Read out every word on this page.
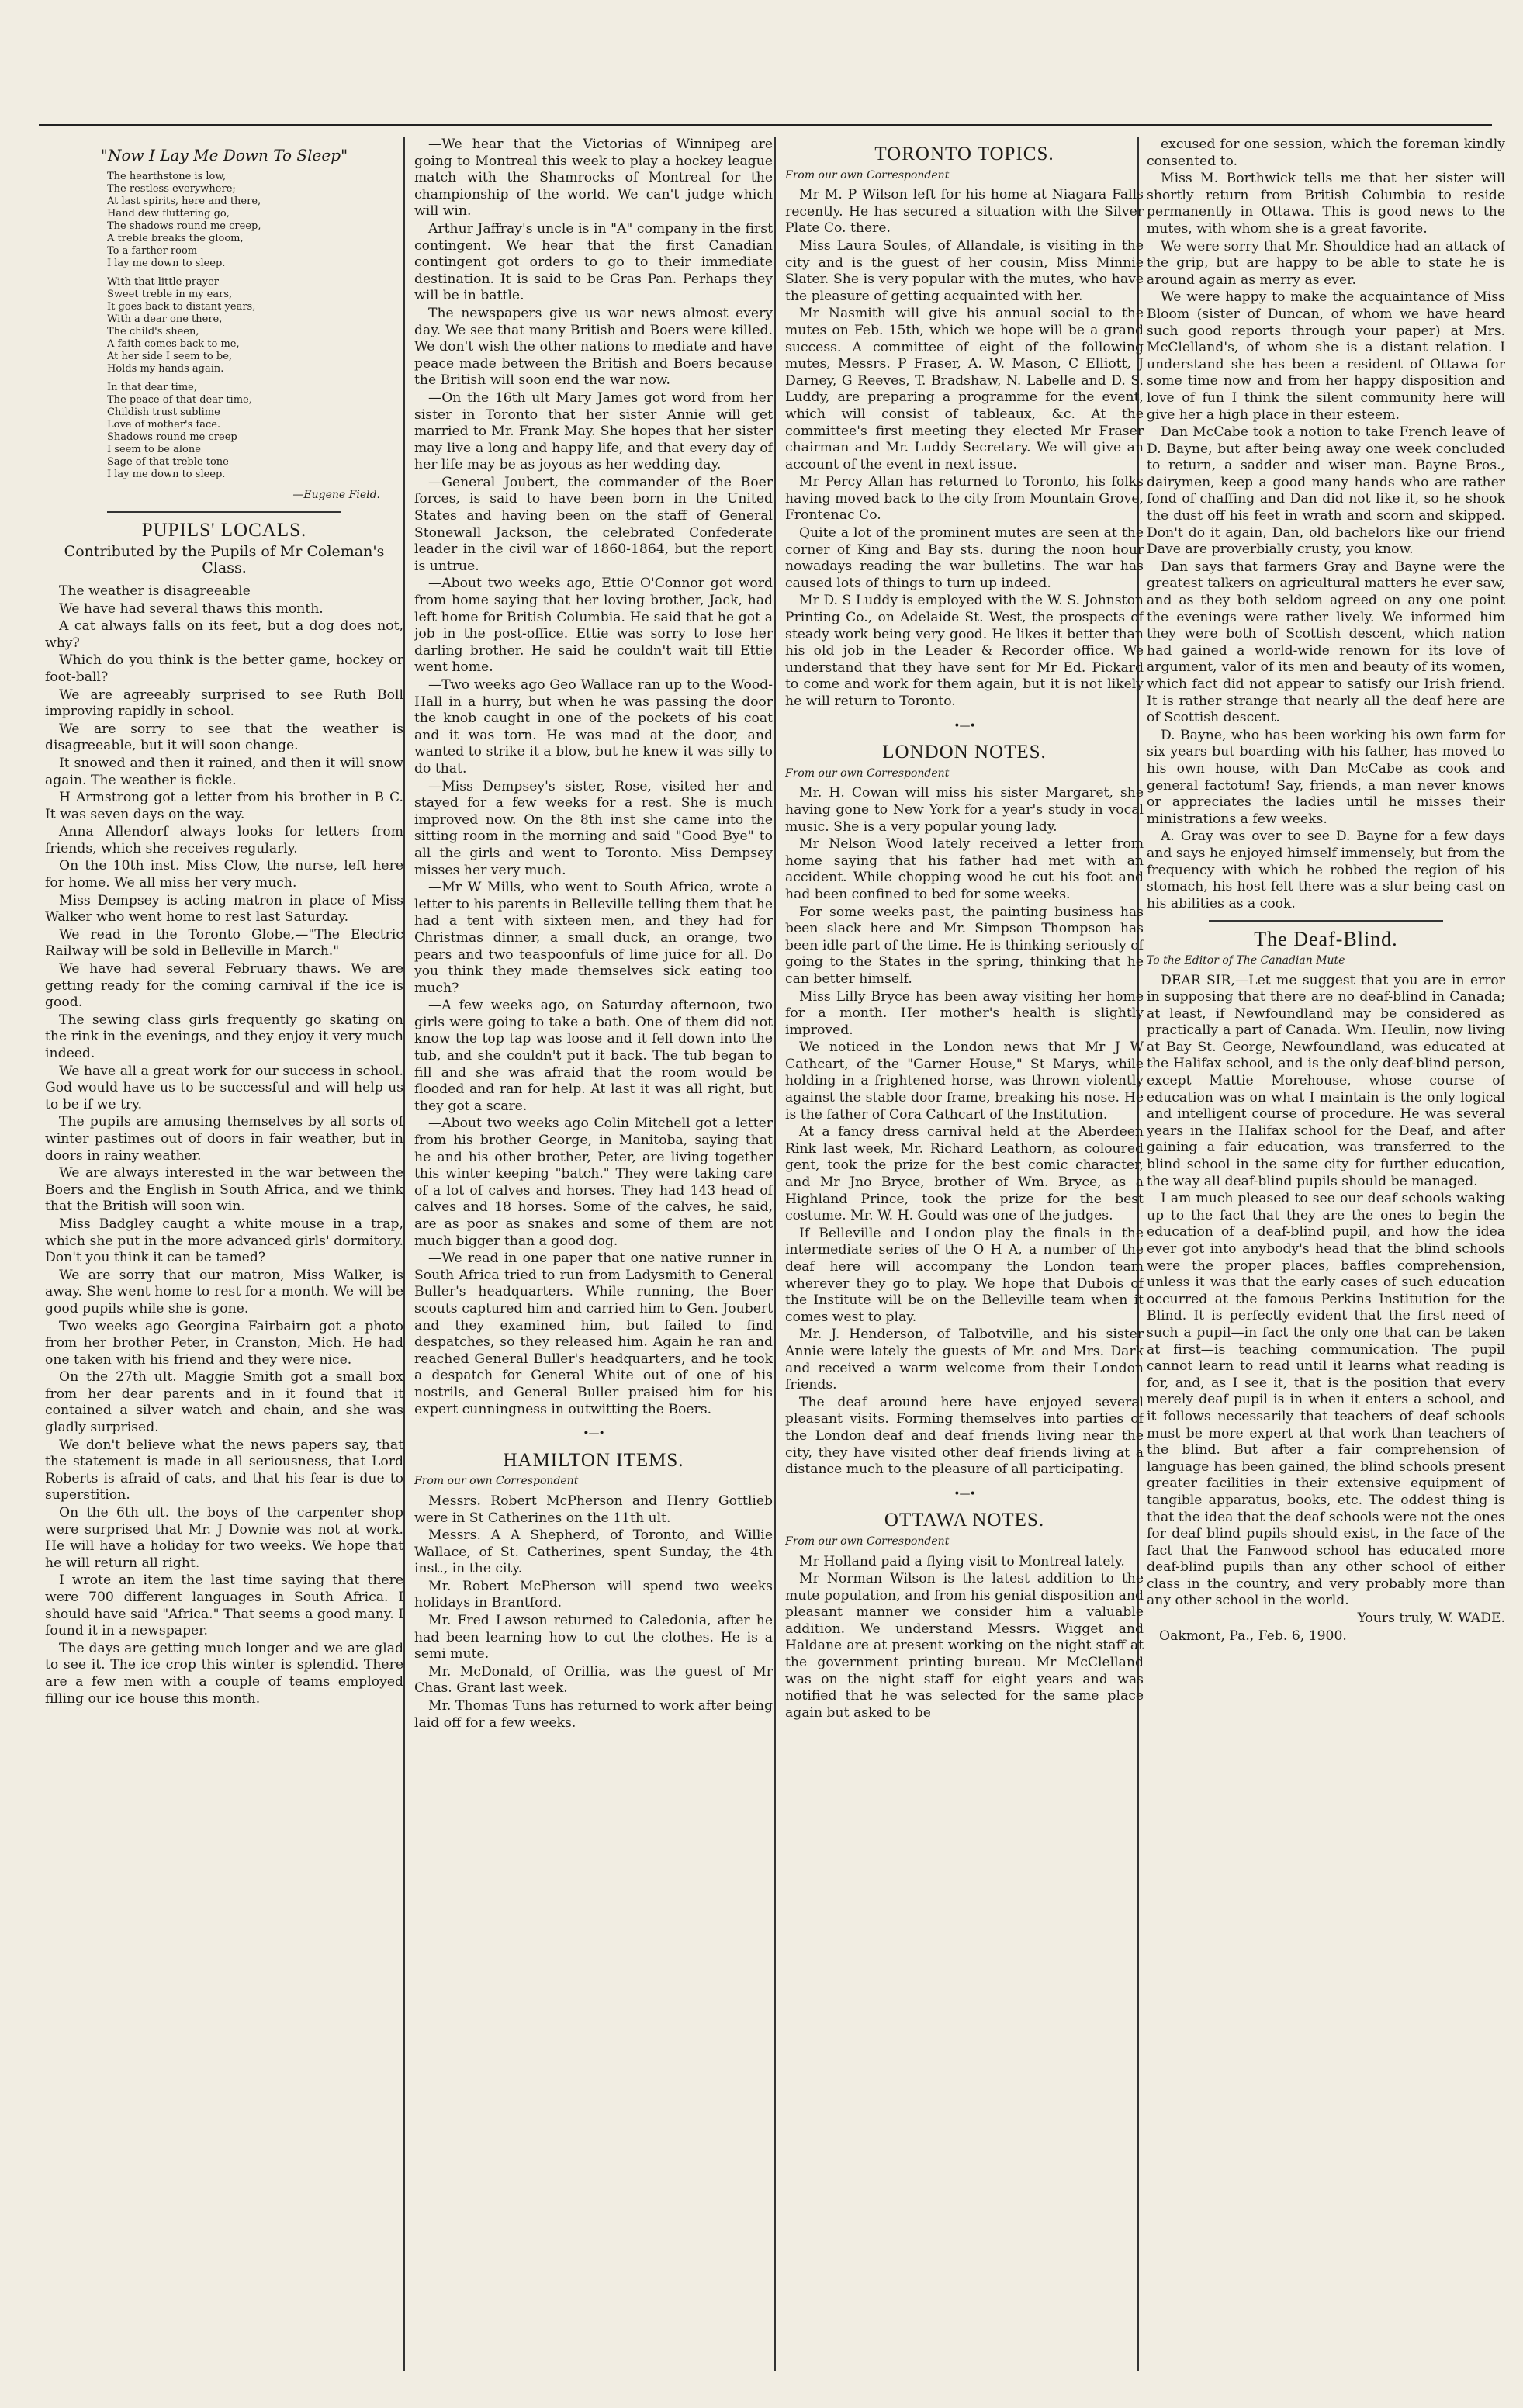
"Now I Lay Me Down To Sleep"
The hearthstone is low,
The restless everywhere;
At last spirits, here and there,
Hand dew fluttering go,
The shadows round me creep,
A treble breaks the gloom,
To a farther room
I lay me down to sleep.
With that little prayer
Sweet treble in my ears,
It goes back to distant years,
With a dear one there,
The child's sheen,
A faith comes back to me,
At her side I seem to be,
Holds my hands again.
In that dear time,
The peace of that dear time,
Childish trust sublime
Love of mother's face.
Shadows round me creep
I seem to be alone
Sage of that treble tone
I lay me down to sleep.
—Eugene Field.
PUPILS' LOCALS.
Contributed by the Pupils of Mr Coleman's Class.

The weather is disagreeable

We have had several thaws this month.

A cat always falls on its feet, but a dog does not, why?

Which do you think is the better game, hockey or foot-ball?

We are agreeably surprised to see Ruth Boll improving rapidly in school.

We are sorry to see that the weather is disagreeable, but it will soon change.

It snowed and then it rained, and then it will snow again. The weather is fickle.

H Armstrong got a letter from his brother in B C. It was seven days on the way.

Anna Allendorf always looks for letters from friends, which she receives regularly.

On the 10th inst. Miss Clow, the nurse, left here for home. We all miss her very much.

Miss Dempsey is acting matron in place of Miss Walker who went home to rest last Saturday.

We read in the Toronto Globe,—"The Electric Railway will be sold in Belleville in March."

We have had several February thaws. We are getting ready for the coming carnival if the ice is good.

The sewing class girls frequently go skating on the rink in the evenings, and they enjoy it very much indeed.

We have all a great work for our success in school. God would have us to be successful and will help us to be if we try.

The pupils are amusing themselves by all sorts of winter pastimes out of doors in fair weather, but in doors in rainy weather.

We are always interested in the war between the Boers and the English in South Africa, and we think that the British will soon win.

Miss Badgley caught a white mouse in a trap, which she put in the more advanced girls' dormitory. Don't you think it can be tamed?

We are sorry that our matron, Miss Walker, is away. She went home to rest for a month. We will be good pupils while she is gone.

Two weeks ago Georgina Fairbairn got a photo from her brother Peter, in Cranston, Mich. He had one taken with his friend and they were nice.

On the 27th ult. Maggie Smith got a small box from her dear parents and in it found that it contained a silver watch and chain, and she was gladly surprised.

We don't believe what the news papers say, that the statement is made in all seriousness, that Lord Roberts is afraid of cats, and that his fear is due to superstition.

On the 6th ult. the boys of the carpenter shop were surprised that Mr. J Downie was not at work. He will have a holiday for two weeks. We hope that he will return all right.

I wrote an item the last time saying that there were 700 different languages in South Africa. I should have said "Africa." That seems a good many. I found it in a newspaper.

The days are getting much longer and we are glad to see it. The ice crop this winter is splendid. There are a few men with a couple of teams employed filling our ice house this month.

—We hear that the Victorias of Winnipeg are going to Montreal this week to play a hockey league match with the Shamrocks of Montreal for the championship of the world. We can't judge which will win.

Arthur Jaffray's uncle is in "A" company in the first contingent. We hear that the first Canadian contingent got orders to go to their immediate destination. It is said to be Gras Pan. Perhaps they will be in battle.

The newspapers give us war news almost every day. We see that many British and Boers were killed. We don't wish the other nations to mediate and have peace made between the British and Boers because the British will soon end the war now.

—On the 16th ult Mary James got word from her sister in Toronto that her sister Annie will get married to Mr. Frank May. She hopes that her sister may live a long and happy life, and that every day of her life may be as joyous as her wedding day.

—General Joubert, the commander of the Boer forces, is said to have been born in the United States and having been on the staff of General Stonewall Jackson, the celebrated Confederate leader in the civil war of 1860-1864, but the report is untrue.

—About two weeks ago, Ettie O'Connor got word from home saying that her loving brother, Jack, had left home for British Columbia. He said that he got a job in the post-office. Ettie was sorry to lose her darling brother. He said he couldn't wait till Ettie went home.

—Two weeks ago Geo Wallace ran up to the Wood-Hall in a hurry, but when he was passing the door the knob caught in one of the pockets of his coat and it was torn. He was mad at the door, and wanted to strike it a blow, but he knew it was silly to do that.

—Miss Dempsey's sister, Rose, visited her and stayed for a few weeks for a rest. She is much improved now. On the 8th inst she came into the sitting room in the morning and said "Good Bye" to all the girls and went to Toronto. Miss Dempsey misses her very much.

—Mr W Mills, who went to South Africa, wrote a letter to his parents in Belleville telling them that he had a tent with sixteen men, and they had for Christmas dinner, a small duck, an orange, two pears and two teaspoonfuls of lime juice for all. Do you think they made themselves sick eating too much?

—A few weeks ago, on Saturday afternoon, two girls were going to take a bath. One of them did not know the top tap was loose and it fell down into the tub, and she couldn't put it back. The tub began to fill and she was afraid that the room would be flooded and ran for help. At last it was all right, but they got a scare.

—About two weeks ago Colin Mitchell got a letter from his brother George, in Manitoba, saying that he and his other brother, Peter, are living together this winter keeping "batch." They were taking care of a lot of calves and horses. They had 143 head of calves and 18 horses. Some of the calves, he said, are as poor as snakes and some of them are not much bigger than a good dog.

—We read in one paper that one native runner in South Africa tried to run from Ladysmith to General Buller's headquarters. While running, the Boer scouts captured him and carried him to Gen. Joubert and they examined him, but failed to find despatches, so they released him. Again he ran and reached General Buller's headquarters, and he took a despatch for General White out of one of his nostrils, and General Buller praised him for his expert cunningness in outwitting the Boers.

•—•
HAMILTON ITEMS.
From our own Correspondent

Messrs. Robert McPherson and Henry Gottlieb were in St Catherines on the 11th ult.

Messrs. A A Shepherd, of Toronto, and Willie Wallace, of St. Catherines, spent Sunday, the 4th inst., in the city.

Mr. Robert McPherson will spend two weeks holidays in Brantford.

Mr. Fred Lawson returned to Caledonia, after he had been learning how to cut the clothes. He is a semi mute.

Mr. McDonald, of Orillia, was the guest of Mr Chas. Grant last week.

Mr. Thomas Tuns has returned to work after being laid off for a few weeks.

TORONTO TOPICS.
From our own Correspondent

Mr M. P Wilson left for his home at Niagara Falls recently. He has secured a situation with the Silver Plate Co. there.

Miss Laura Soules, of Allandale, is visiting in the city and is the guest of her cousin, Miss Minnie Slater. She is very popular with the mutes, who have the pleasure of getting acquainted with her.

Mr Nasmith will give his annual social to the mutes on Feb. 15th, which we hope will be a grand success. A committee of eight of the following mutes, Messrs. P Fraser, A. W. Mason, C Elliott, J Darney, G Reeves, T. Bradshaw, N. Labelle and D. S. Luddy, are preparing a programme for the event, which will consist of tableaux, &c. At the committee's first meeting they elected Mr Fraser chairman and Mr. Luddy Secretary. We will give an account of the event in next issue.

Mr Percy Allan has returned to Toronto, his folks having moved back to the city from Mountain Grove, Frontenac Co.

Quite a lot of the prominent mutes are seen at the corner of King and Bay sts. during the noon hour nowadays reading the war bulletins. The war has caused lots of things to turn up indeed.

Mr D. S Luddy is employed with the W. S. Johnston Printing Co., on Adelaide St. West, the prospects of steady work being very good. He likes it better than his old job in the Leader & Recorder office. We understand that they have sent for Mr Ed. Pickard to come and work for them again, but it is not likely he will return to Toronto.

•—•
LONDON NOTES.
From our own Correspondent

Mr. H. Cowan will miss his sister Margaret, she having gone to New York for a year's study in vocal music. She is a very popular young lady.

Mr Nelson Wood lately received a letter from home saying that his father had met with an accident. While chopping wood he cut his foot and had been confined to bed for some weeks.

For some weeks past, the painting business has been slack here and Mr. Simpson Thompson has been idle part of the time. He is thinking seriously of going to the States in the spring, thinking that he can better himself.

Miss Lilly Bryce has been away visiting her home for a month. Her mother's health is slightly improved.

We noticed in the London news that Mr J W Cathcart, of the "Garner House," St Marys, while holding in a frightened horse, was thrown violently against the stable door frame, breaking his nose. He is the father of Cora Cathcart of the Institution.

At a fancy dress carnival held at the Aberdeen Rink last week, Mr. Richard Leathorn, as coloured gent, took the prize for the best comic character, and Mr Jno Bryce, brother of Wm. Bryce, as a Highland Prince, took the prize for the best costume. Mr. W. H. Gould was one of the judges.

If Belleville and London play the finals in the intermediate series of the O H A, a number of the deaf here will accompany the London team wherever they go to play. We hope that Dubois of the Institute will be on the Belleville team when it comes west to play.

Mr. J. Henderson, of Talbotville, and his sister Annie were lately the guests of Mr. and Mrs. Dark and received a warm welcome from their London friends.

The deaf around here have enjoyed several pleasant visits. Forming themselves into parties of the London deaf and deaf friends living near the city, they have visited other deaf friends living at a distance much to the pleasure of all participating.

•—•
OTTAWA NOTES.
From our own Correspondent

Mr Holland paid a flying visit to Montreal lately.

Mr Norman Wilson is the latest addition to the mute population, and from his genial disposition and pleasant manner we consider him a valuable addition. We understand Messrs. Wigget and Haldane are at present working on the night staff at the government printing bureau. Mr McClelland was on the night staff for eight years and was notified that he was selected for the same place again but asked to be

excused for one session, which the foreman kindly consented to.

Miss M. Borthwick tells me that her sister will shortly return from British Columbia to reside permanently in Ottawa. This is good news to the mutes, with whom she is a great favorite.

We were sorry that Mr. Shouldice had an attack of the grip, but are happy to be able to state he is around again as merry as ever.

We were happy to make the acquaintance of Miss Bloom (sister of Duncan, of whom we have heard such good reports through your paper) at Mrs. McClelland's, of whom she is a distant relation. I understand she has been a resident of Ottawa for some time now and from her happy disposition and love of fun I think the silent community here will give her a high place in their esteem.

Dan McCabe took a notion to take French leave of D. Bayne, but after being away one week concluded to return, a sadder and wiser man. Bayne Bros., dairymen, keep a good many hands who are rather fond of chaffing and Dan did not like it, so he shook the dust off his feet in wrath and scorn and skipped. Don't do it again, Dan, old bachelors like our friend Dave are proverbially crusty, you know.

Dan says that farmers Gray and Bayne were the greatest talkers on agricultural matters he ever saw, and as they both seldom agreed on any one point the evenings were rather lively. We informed him they were both of Scottish descent, which nation had gained a world-wide renown for its love of argument, valor of its men and beauty of its women, which fact did not appear to satisfy our Irish friend. It is rather strange that nearly all the deaf here are of Scottish descent.

D. Bayne, who has been working his own farm for six years but boarding with his father, has moved to his own house, with Dan McCabe as cook and general factotum! Say, friends, a man never knows or appreciates the ladies until he misses their ministrations a few weeks.

A. Gray was over to see D. Bayne for a few days and says he enjoyed himself immensely, but from the frequency with which he robbed the region of his stomach, his host felt there was a slur being cast on his abilities as a cook.

The Deaf-Blind.
To the Editor of The Canadian Mute

DEAR SIR,—Let me suggest that you are in error in supposing that there are no deaf-blind in Canada; at least, if Newfoundland may be considered as practically a part of Canada. Wm. Heulin, now living at Bay St. George, Newfoundland, was educated at the Halifax school, and is the only deaf-blind person, except Mattie Morehouse, whose course of education was on what I maintain is the only logical and intelligent course of procedure. He was several years in the Halifax school for the Deaf, and after gaining a fair education, was transferred to the blind school in the same city for further education, the way all deaf-blind pupils should be managed.

I am much pleased to see our deaf schools waking up to the fact that they are the ones to begin the education of a deaf-blind pupil, and how the idea ever got into anybody's head that the blind schools were the proper places, baffles comprehension, unless it was that the early cases of such education occurred at the famous Perkins Institution for the Blind. It is perfectly evident that the first need of such a pupil—in fact the only one that can be taken at first—is teaching communication. The pupil cannot learn to read until it learns what reading is for, and, as I see it, that is the position that every merely deaf pupil is in when it enters a school, and it follows necessarily that teachers of deaf schools must be more expert at that work than teachers of the blind. But after a fair comprehension of language has been gained, the blind schools present greater facilities in their extensive equipment of tangible apparatus, books, etc. The oddest thing is that the idea that the deaf schools were not the ones for deaf blind pupils should exist, in the face of the fact that the Fanwood school has educated more deaf-blind pupils than any other school of either class in the country, and very probably more than any other school in the world.

Yours truly, W. WADE.

Oakmont, Pa., Feb. 6, 1900.
